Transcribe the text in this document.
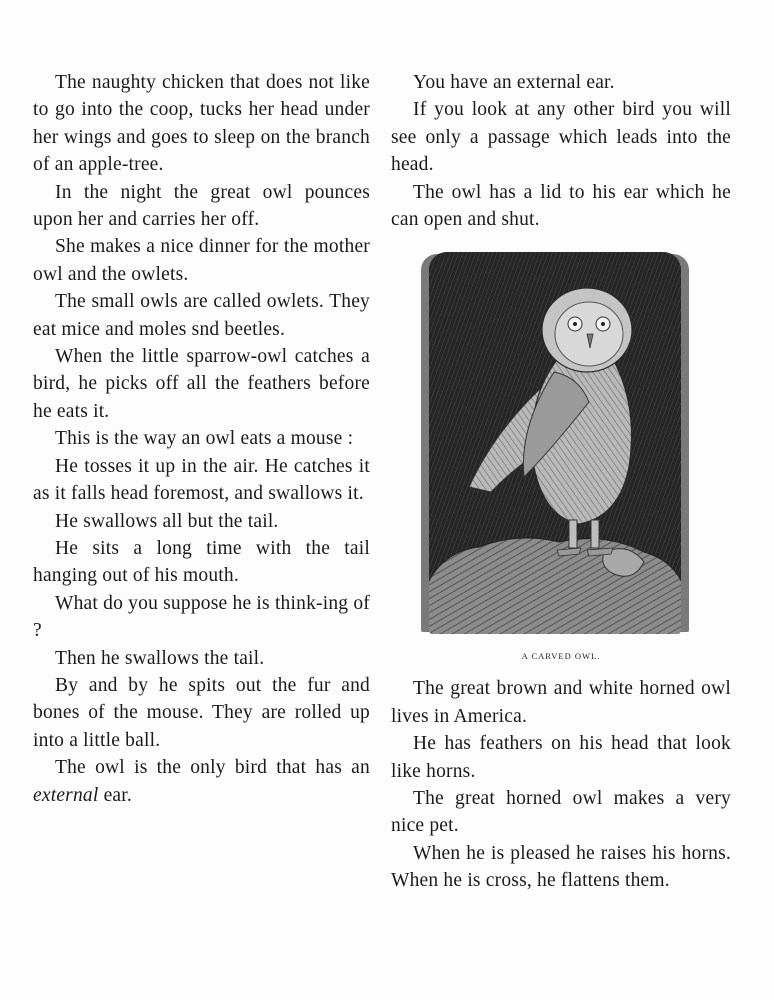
The naughty chicken that does not like to go into the coop, tucks her head under her wings and goes to sleep on the branch of an apple-tree.

In the night the great owl pounces upon her and carries her off.

She makes a nice dinner for the mother owl and the owlets.

The small owls are called owlets. They eat mice and moles snd beetles.

When the little sparrow-owl catches a bird, he picks off all the feathers before he eats it.

This is the way an owl eats a mouse :

He tosses it up in the air. He catches it as it falls head foremost, and swallows it.

He swallows all but the tail.

He sits a long time with the tail hanging out of his mouth.

What do you suppose he is think-ing of ?

Then he swallows the tail.

By and by he spits out the fur and bones of the mouse. They are rolled up into a little ball.

The owl is the only bird that has an external ear.

You have an external ear.

If you look at any other bird you will see only a passage which leads into the head.

The owl has a lid to his ear which he can open and shut.

A CARVED OWL.

The great brown and white horned owl lives in America.

He has feathers on his head that look like horns.

The great horned owl makes a very nice pet.

When he is pleased he raises his horns. When he is cross, he flattens them.
